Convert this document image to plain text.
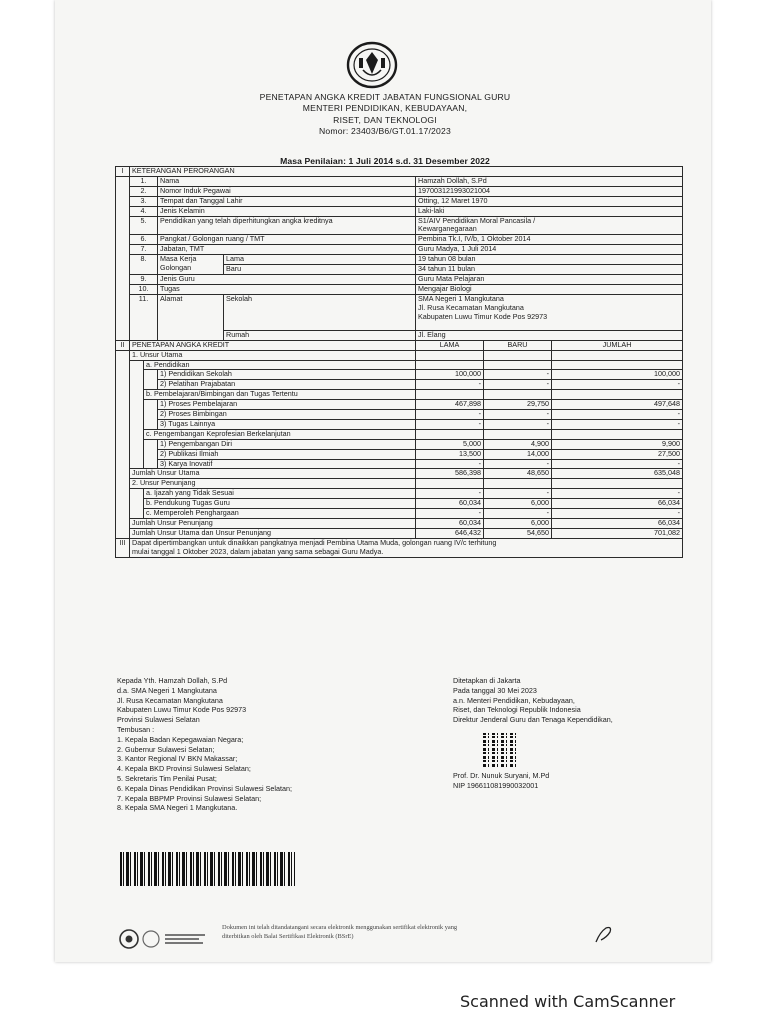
PENETAPAN ANGKA KREDIT JABATAN FUNGSIONAL GURU
MENTERI PENDIDIKAN, KEBUDAYAAN,
RISET, DAN TEKNOLOGI
Nomor: 23403/B6/GT.01.17/2023
Masa Penilaian: 1 Juli 2014 s.d. 31 Desember 2022
I	KETERANGAN PERORANGAN						
	1.		Nama		Hamzah Dollah, S.Pd		
	2.		Nomor Induk Pegawai		197003121993021004		
	3.		Tempat dan Tanggal Lahir		Otting, 12 Maret 1970		
	4.		Jenis Kelamin		Laki-laki		
	5.		Pendidikan yang telah diperhitungkan angka kreditnya		S1/AIV Pendidikan Moral Pancasila /
Kewarganegaraan		

	6.		Pangkat / Golongan ruang / TMT		Pembina Tk.I, IV/b, 1 Oktober 2014		
	7.		Jabatan, TMT		Guru Madya, 1 Juli 2014		
	8.		Masa Kerja
Golongan	Lama	19 tahun 08 bulan		
				Baru	34 tahun 11 bulan		
	9.		Jenis Guru		Guru Mata Pelajaran		
	10.		Tugas		Mengajar Biologi		
	11.		Alamat	Sekolah	SMA Negeri 1 Mangkutana
Jl. Rusa Kecamatan Mangkutana
Kabupaten Luwu Timur Kode Pos 92973		

				Rumah	Jl. Elang		
II	PENETAPAN ANGKA KREDIT				LAMA	BARU	JUMLAH
	1. Unsur Utama						
		a. Pendidikan					
			1) Pendidikan Sekolah		100,000	-	100,000
			2) Pelatihan Prajabatan		-	-	-
		b. Pembelajaran/Bimbingan dan Tugas Tertentu					
			1) Proses Pembelajaran		467,898	29,750	497,648
			2) Proses Bimbingan		-	-	-
			3) Tugas Lainnya		-	-	-
		c. Pengembangan Keprofesian Berkelanjutan					
			1) Pengembangan Diri		5,000	4,900	9,900
			2) Publikasi Ilmiah		13,500	14,000	27,500
			3) Karya Inovatif		-	-	-
	Jumlah Unsur Utama				586,398	48,650	635,048
	2. Unsur Penunjang						
		a. Ijazah yang Tidak Sesuai			-	-	-
		b. Pendukung Tugas Guru			60,034	6,000	66,034
		c. Memperoleh Penghargaan			-	-	-
	Jumlah Unsur Penunjang				60,034	6,000	66,034
	Jumlah Unsur Utama dan Unsur Penunjang				646,432	54,650	701,082
III	Dapat dipertimbangkan untuk dinaikkan pangkatnya menjadi Pembina Utama Muda, golongan ruang IV/c terhitung
mulai tanggal 1 Oktober 2023, dalam jabatan yang sama sebagai Guru Madya.						
Kepada Yth. Hamzah Dollah, S.Pd
d.a. SMA Negeri 1 Mangkutana
Jl. Rusa Kecamatan Mangkutana
Kabupaten Luwu Timur Kode Pos 92973
Provinsi Sulawesi Selatan
Tembusan :
1. Kepala Badan Kepegawaian Negara;
2. Gubernur Sulawesi Selatan;
3. Kantor Regional IV BKN Makassar;
4. Kepala BKD Provinsi Sulawesi Selatan;
5. Sekretaris Tim Penilai Pusat;
6. Kepala Dinas Pendidikan Provinsi Sulawesi Selatan;
7. Kepala BBPMP Provinsi Sulawesi Selatan;
8. Kepala SMA Negeri 1 Mangkutana.
Ditetapkan di Jakarta
Pada tanggal 30 Mei 2023
a.n. Menteri Pendidikan, Kebudayaan,
Riset, dan Teknologi Republik Indonesia
Direktur Jenderal Guru dan Tenaga Kependidikan,
Prof. Dr. Nunuk Suryani, M.Pd
NIP 196611081990032001
Dokumen ini telah ditandatangani secara elektronik menggunakan sertifikat elektronik yang
diterbitkan oleh Balai Sertifikasi Elektronik (BSrE)
Scanned with CamScanner
